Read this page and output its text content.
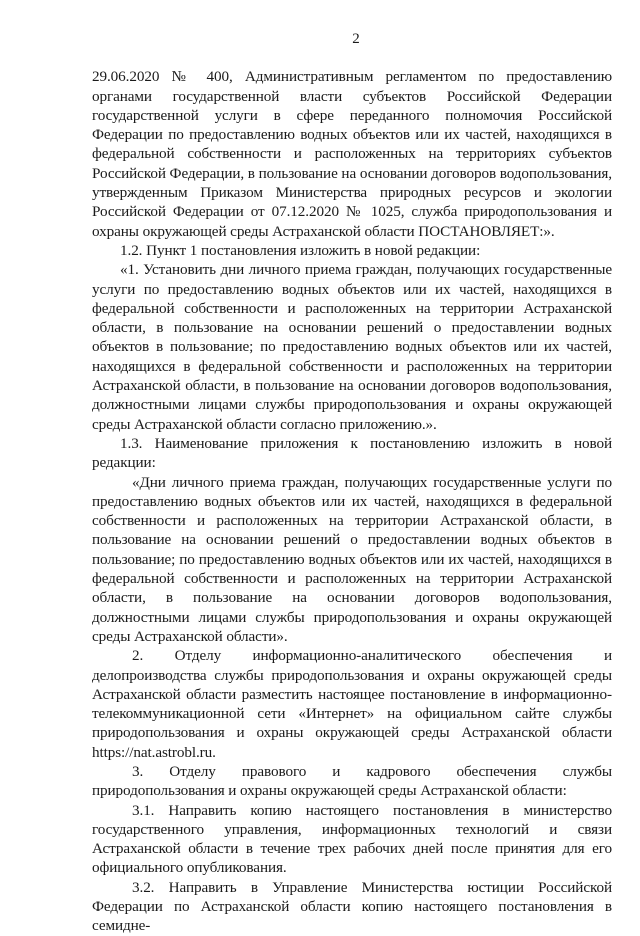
2

29.06.2020 № 400, Административным регламентом по предоставлению органами государственной власти субъектов Российской Федерации государственной услуги в сфере переданного полномочия Российской Федерации по предоставлению водных объектов или их частей, находящихся в федеральной собственности и расположенных на территориях субъектов Российской Федерации, в пользование на основании договоров водопользования, утвержденным Приказом Министерства природных ресурсов и экологии Российской Федерации от 07.12.2020 № 1025, служба природопользования и охраны окружающей среды Астраханской области ПОСТАНОВЛЯЕТ:».

1.2. Пункт 1 постановления изложить в новой редакции:

«1. Установить дни личного приема граждан, получающих государственные услуги по предоставлению водных объектов или их частей, находящихся в федеральной собственности и расположенных на территории Астраханской области, в пользование на основании решений о предоставлении водных объектов в пользование; по предоставлению водных объектов или их частей, находящихся в федеральной собственности и расположенных на территории Астраханской области, в пользование на основании договоров водопользования, должностными лицами службы природопользования и охраны окружающей среды Астраханской области согласно приложению.».

1.3. Наименование приложения к постановлению изложить в новой редакции:

«Дни личного приема граждан, получающих государственные услуги по предоставлению водных объектов или их частей, находящихся в федеральной собственности и расположенных на территории Астраханской области, в пользование на основании решений о предоставлении водных объектов в пользование; по предоставлению водных объектов или их частей, находящихся в федеральной собственности и расположенных на территории Астраханской области, в пользование на основании договоров водопользования, должностными лицами службы природопользования и охраны окружающей среды Астраханской области».

2. Отделу информационно-аналитического обеспечения и делопроизводства службы природопользования и охраны окружающей среды Астраханской области разместить настоящее постановление в информационно-телекоммуникационной сети «Интернет» на официальном сайте службы природопользования и охраны окружающей среды Астраханской области https://nat.astrobl.ru.

3. Отделу правового и кадрового обеспечения службы природопользования и охраны окружающей среды Астраханской области:

3.1. Направить копию настоящего постановления в министерство государственного управления, информационных технологий и связи Астраханской области в течение трех рабочих дней после принятия для его официального опубликования.

3.2. Направить в Управление Министерства юстиции Российской Федерации по Астраханской области копию настоящего постановления в семидне-
